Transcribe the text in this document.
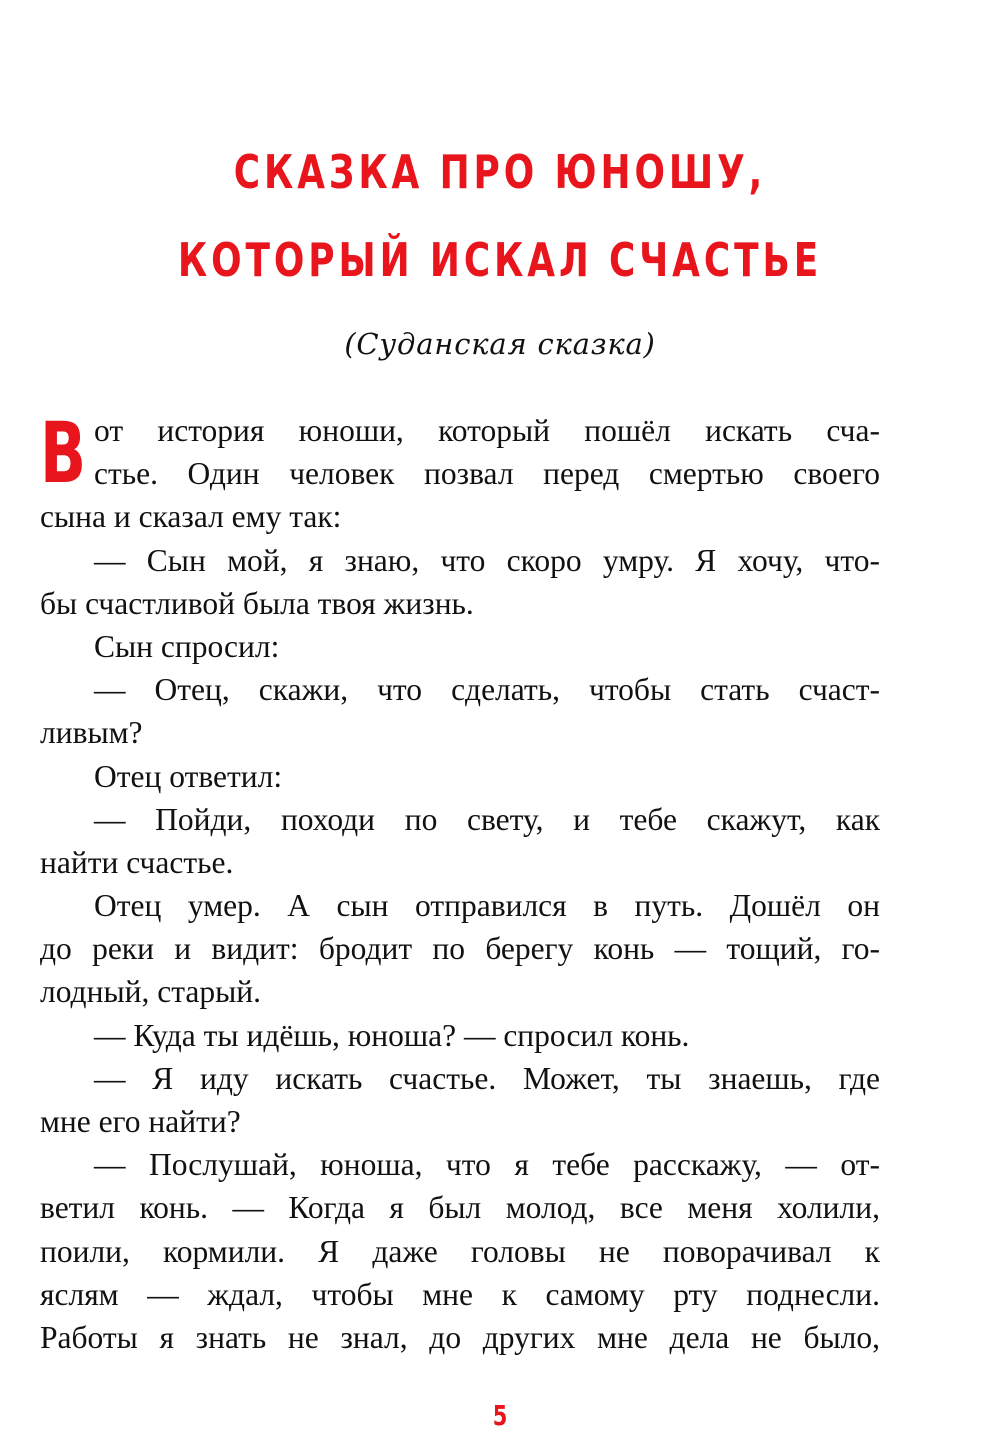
СКАЗКА ПРО ЮНОШУ,
КОТОРЫЙ ИСКАЛ СЧАСТЬЕ
(Суданская сказка)
В от история юноши, который пошёл искать сча-
стье. Один человек позвал перед смертью своего
сына и сказал ему так:
— Сын мой, я знаю, что скоро умру. Я хочу, что-
бы счастливой была твоя жизнь.
Сын спросил:
— Отец, скажи, что сделать, чтобы стать счаст-
ливым?
Отец ответил:
— Пойди, походи по свету, и тебе скажут, как
найти счастье.
Отец умер. А сын отправился в путь. Дошёл он
до реки и видит: бродит по берегу конь — тощий, го-
лодный, старый.
— Куда ты идёшь, юноша? — спросил конь.
— Я иду искать счастье. Может, ты знаешь, где
мне его найти?
— Послушай, юноша, что я тебе расскажу, — от-
ветил конь. — Когда я был молод, все меня холили,
поили, кормили. Я даже головы не поворачивал к
яслям — ждал, чтобы мне к самому рту поднесли.
Работы я знать не знал, до других мне дела не было,
5
